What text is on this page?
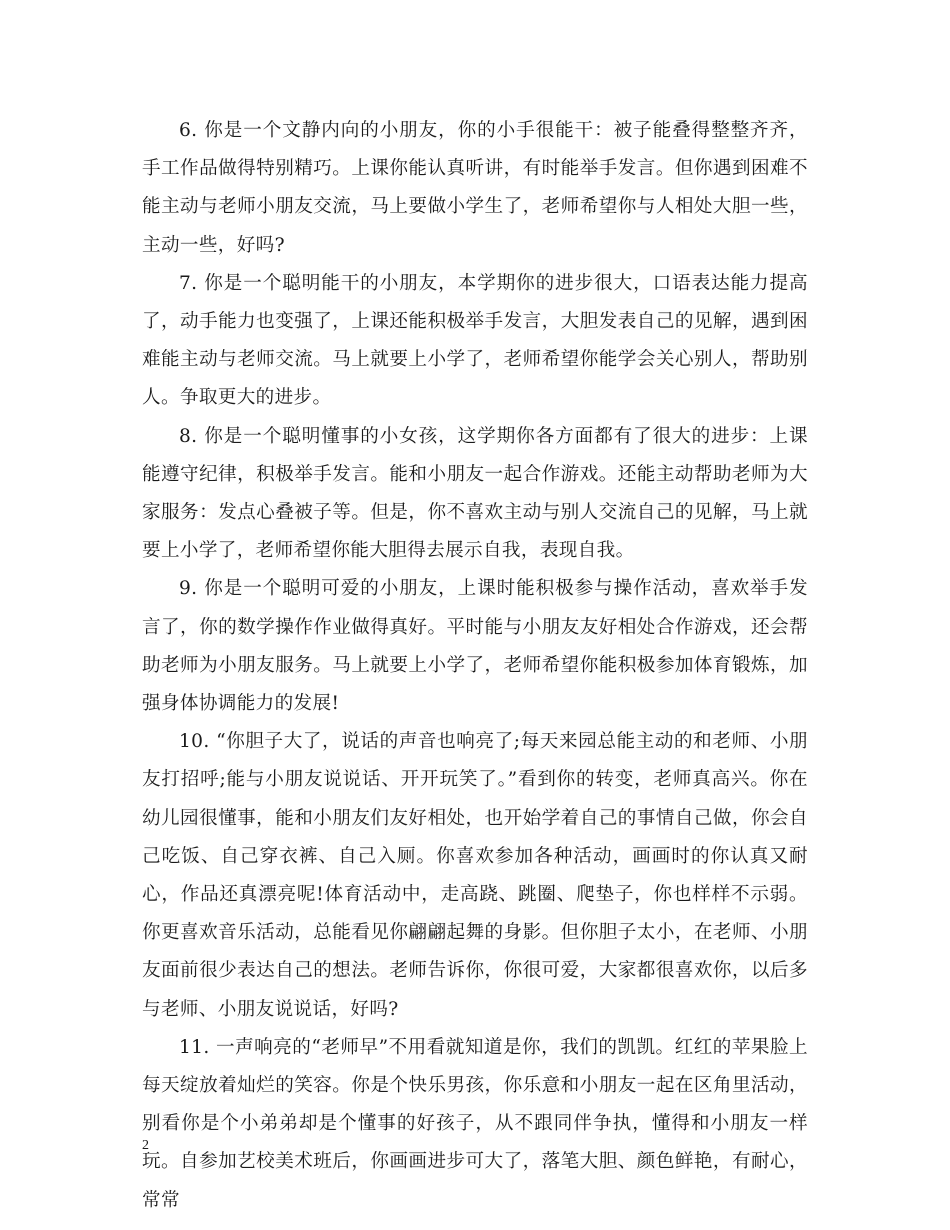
6. 你是一个文静内向的小朋友，你的小手很能干：被子能叠得整整齐齐，手工作品做得特别精巧。上课你能认真听讲，有时能举手发言。但你遇到困难不能主动与老师小朋友交流，马上要做小学生了，老师希望你与人相处大胆一些，主动一些，好吗?

7. 你是一个聪明能干的小朋友，本学期你的进步很大，口语表达能力提高了，动手能力也变强了，上课还能积极举手发言，大胆发表自己的见解，遇到困难能主动与老师交流。马上就要上小学了，老师希望你能学会关心别人，帮助别人。争取更大的进步。

8. 你是一个聪明懂事的小女孩，这学期你各方面都有了很大的进步：上课能遵守纪律，积极举手发言。能和小朋友一起合作游戏。还能主动帮助老师为大家服务：发点心叠被子等。但是，你不喜欢主动与别人交流自己的见解，马上就要上小学了，老师希望你能大胆得去展示自我，表现自我。

9. 你是一个聪明可爱的小朋友，上课时能积极参与操作活动，喜欢举手发言了，你的数学操作作业做得真好。平时能与小朋友友好相处合作游戏，还会帮助老师为小朋友服务。马上就要上小学了，老师希望你能积极参加体育锻炼，加强身体协调能力的发展!

10. “你胆子大了，说话的声音也响亮了;每天来园总能主动的和老师、小朋友打招呼;能与小朋友说说话、开开玩笑了。”看到你的转变，老师真高兴。你在幼儿园很懂事，能和小朋友们友好相处，也开始学着自己的事情自己做，你会自己吃饭、自己穿衣裤、自己入厕。你喜欢参加各种活动，画画时的你认真又耐心，作品还真漂亮呢!体育活动中，走高跷、跳圈、爬垫子，你也样样不示弱。你更喜欢音乐活动，总能看见你翩翩起舞的身影。但你胆子太小，在老师、小朋友面前很少表达自己的想法。老师告诉你，你很可爱，大家都很喜欢你，以后多与老师、小朋友说说话，好吗?

11. 一声响亮的“老师早”不用看就知道是你，我们的凯凯。红红的苹果脸上每天绽放着灿烂的笑容。你是个快乐男孩，你乐意和小朋友一起在区角里活动，别看你是个小弟弟却是个懂事的好孩子，从不跟同伴争执，懂得和小朋友一样玩。自参加艺校美术班后，你画画进步可大了，落笔大胆、颜色鲜艳，有耐心，常常

2
